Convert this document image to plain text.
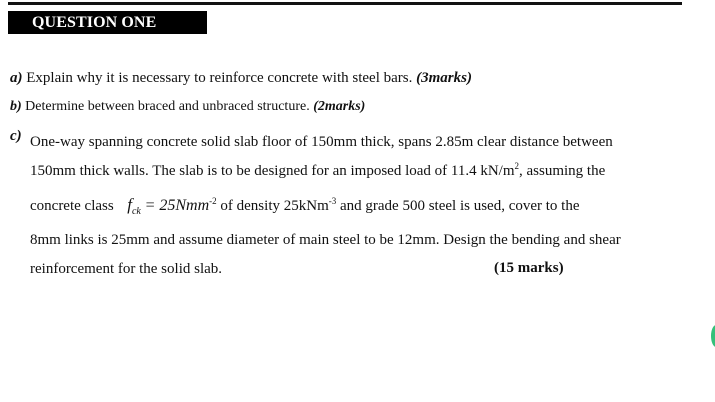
QUESTION ONE
a) Explain why it is necessary to reinforce concrete with steel bars. (3marks)
b) Determine between braced and unbraced structure. (2marks)
c) One-way spanning concrete solid slab floor of 150mm thick, spans 2.85m clear distance between
150mm thick walls. The slab is to be designed for an imposed load of 11.4 $kN/m^2$, assuming the
concrete class $f_{ck} = 25Nmm^{-2}$ of density 25kNm$^{-3}$ and grade 500 steel is used, cover to the
8mm links is 25mm and assume diameter of main steel to be 12mm. Design the bending and shear
reinforcement for the solid slab.	(15 marks)
